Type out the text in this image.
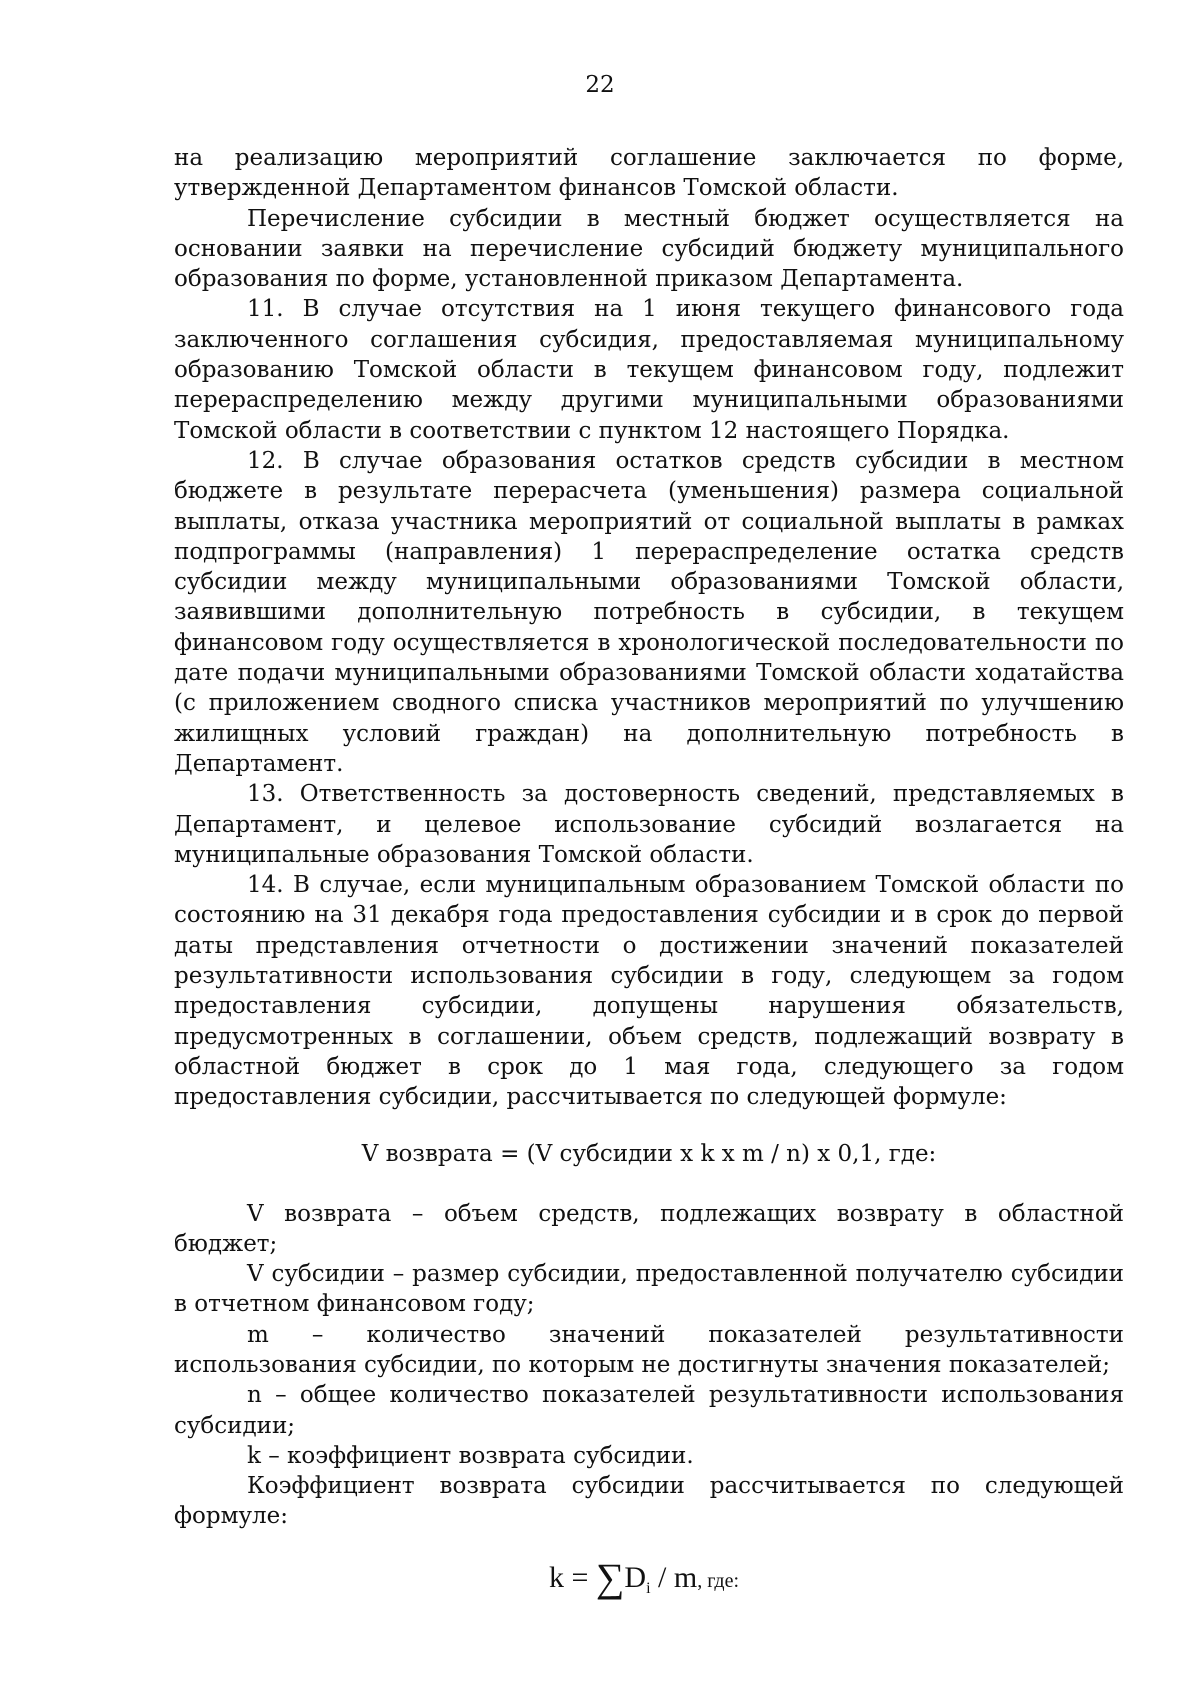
22

на реализацию мероприятий соглашение заключается по форме, утвержденной Департаментом финансов Томской области.

Перечисление субсидии в местный бюджет осуществляется на основании заявки на перечисление субсидий бюджету муниципального образования по форме, установленной приказом Департамента.

11. В случае отсутствия на 1 июня текущего финансового года заключенного соглашения субсидия, предоставляемая муниципальному образованию Томской области в текущем финансовом году, подлежит перераспределению между другими муниципальными образованиями Томской области в соответствии с пунктом 12 настоящего Порядка.

12. В случае образования остатков средств субсидии в местном бюджете в результате перерасчета (уменьшения) размера социальной выплаты, отказа участника мероприятий от социальной выплаты в рамках подпрограммы (направления) 1 перераспределение остатка средств субсидии между муниципальными образованиями Томской области, заявившими дополнительную потребность в субсидии, в текущем финансовом году осуществляется в хронологической последовательности по дате подачи муниципальными образованиями Томской области ходатайства (с приложением сводного списка участников мероприятий по улучшению жилищных условий граждан) на дополнительную потребность в Департамент.

13. Ответственность за достоверность сведений, представляемых в Департамент, и целевое использование субсидий возлагается на муниципальные образования Томской области.

14. В случае, если муниципальным образованием Томской области по состоянию на 31 декабря года предоставления субсидии и в срок до первой даты представления отчетности о достижении значений показателей результативности использования субсидии в году, следующем за годом предоставления субсидии, допущены нарушения обязательств, предусмотренных в соглашении, объем средств, подлежащий возврату в областной бюджет в срок до 1 мая года, следующего за годом предоставления субсидии, рассчитывается по следующей формуле:

V возврата = (V субсидии x k x m / n) x 0,1, где:

V возврата – объем средств, подлежащих возврату в областной бюджет;

V субсидии – размер субсидии, предоставленной получателю субсидии в отчетном финансовом году;

m – количество значений показателей результативности использования субсидии, по которым не достигнуты значения показателей;

n – общее количество показателей результативности использования субсидии;

k – коэффициент возврата субсидии.

Коэффициент возврата субсидии рассчитывается по следующей формуле:

$k = \sum D_i / m$, где:
